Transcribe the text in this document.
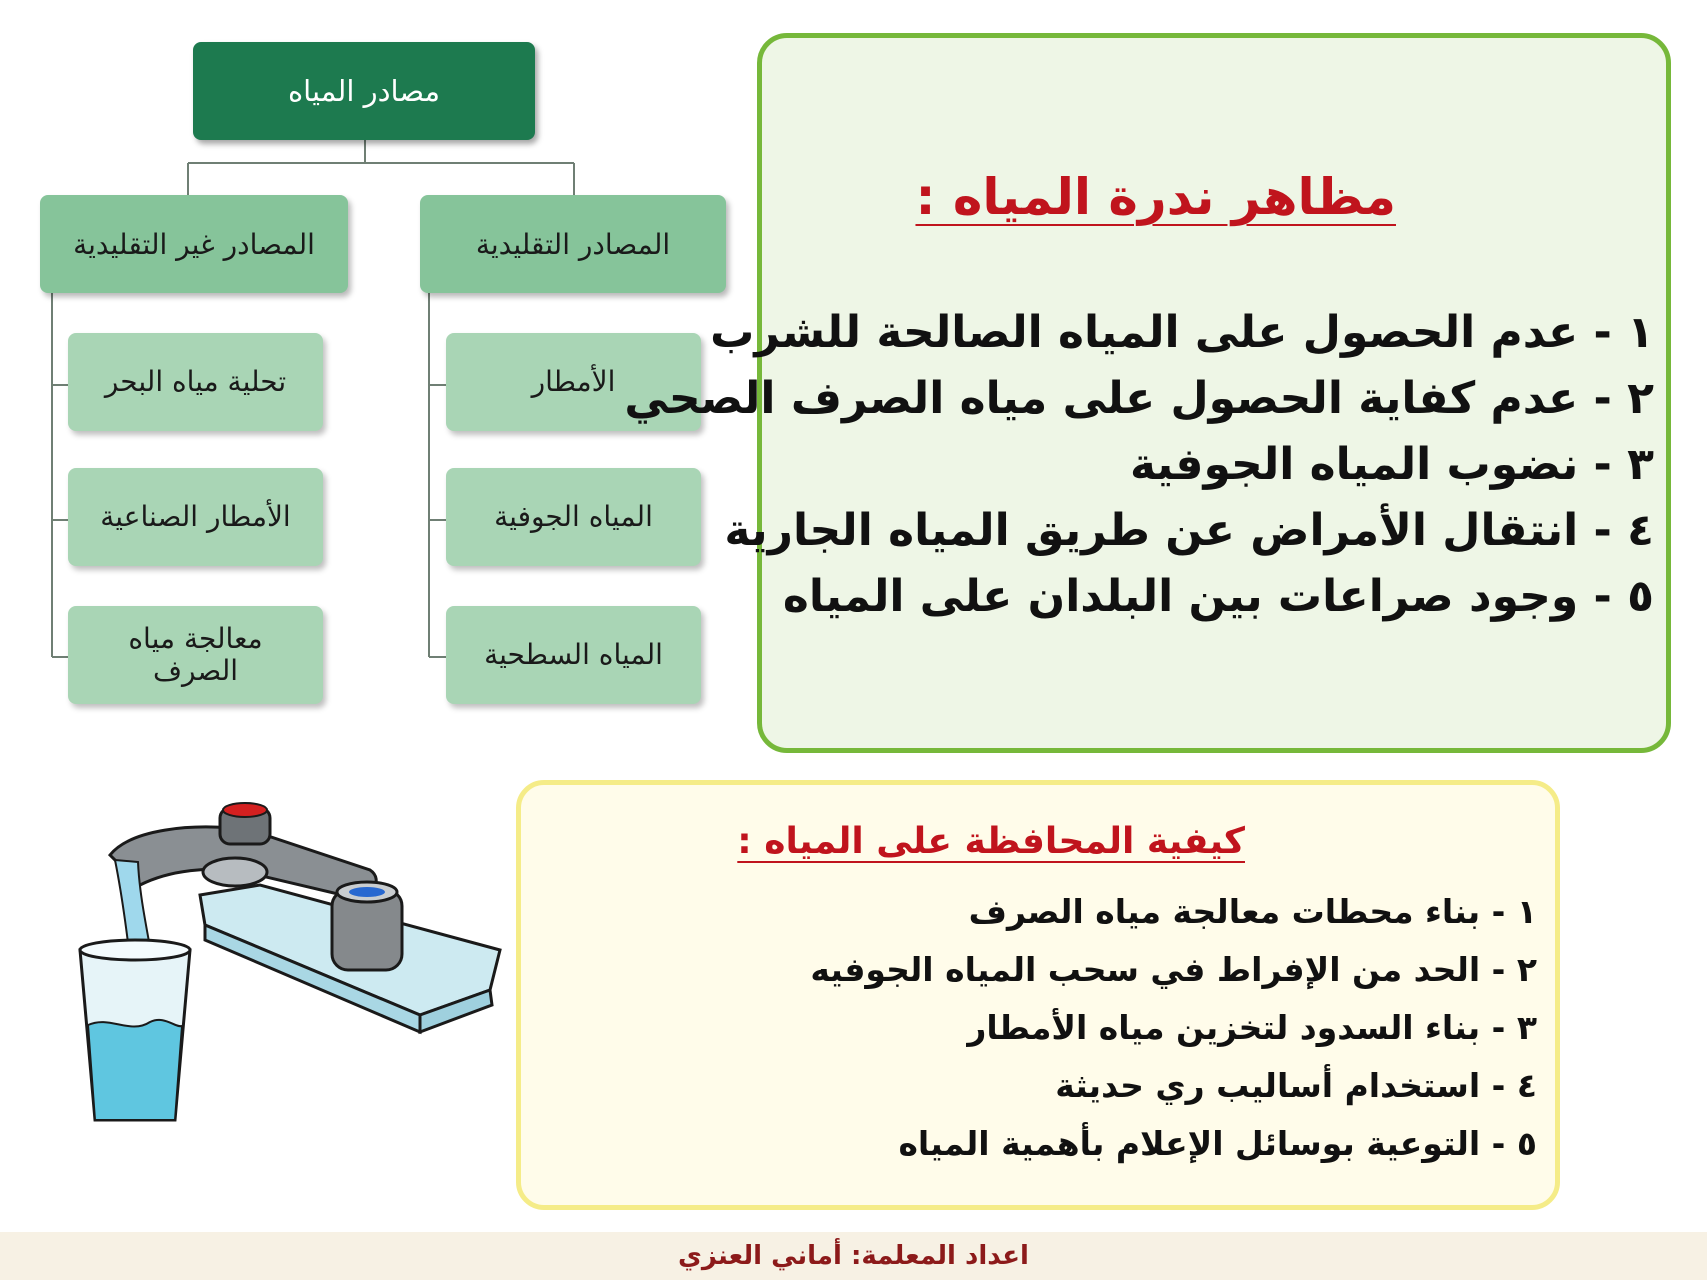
مصادر المياه
المصادر التقليدية
المصادر غير التقليدية
الأمطار
المياه الجوفية
المياه السطحية
تحلية مياه البحر
الأمطار الصناعية
معالجة مياه الصرف
مظاهر ندرة المياه :
١ - عدم الحصول على المياه الصالحة للشرب
٢ - عدم كفاية الحصول على مياه الصرف الصحي
٣ - نضوب المياه الجوفية
٤ - انتقال الأمراض عن طريق المياه الجارية
٥ - وجود صراعات بين البلدان على المياه
كيفية المحافظة على المياه :
١ - بناء محطات معالجة مياه الصرف
٢ - الحد من الإفراط في سحب المياه الجوفيه
٣ - بناء السدود لتخزين مياه الأمطار
٤ - استخدام أساليب ري حديثة
٥ - التوعية بوسائل الإعلام بأهمية المياه
اعداد المعلمة: أماني العنزي
